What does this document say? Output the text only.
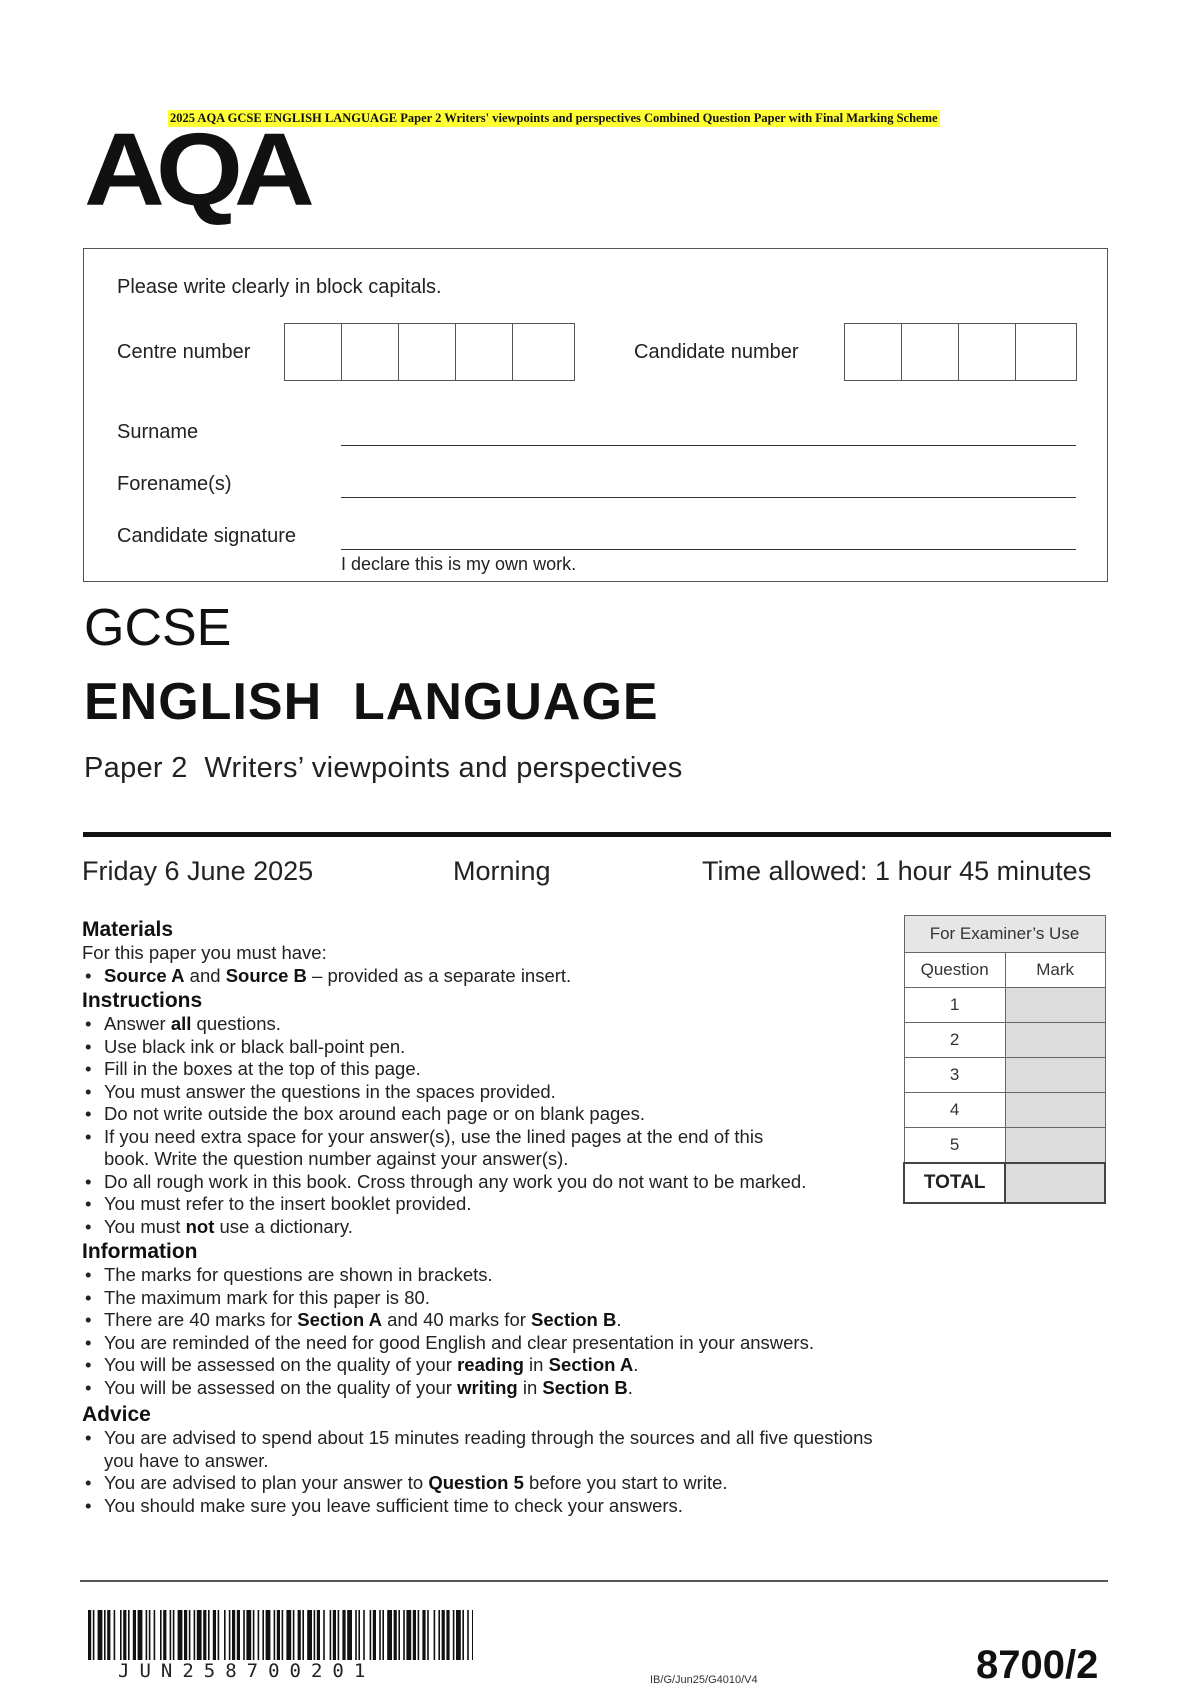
2025 AQA GCSE ENGLISH LANGUAGE Paper 2 Writers' viewpoints and perspectives Combined Question Paper with Final Marking Scheme
AQA
Please write clearly in block capitals.
Centre number	Candidate number
Surname
Forename(s)
Candidate signature
I declare this is my own work.
GCSE
ENGLISH  LANGUAGE
Paper 2  Writers’ viewpoints and perspectives
Friday 6 June 2025	Morning	Time allowed: 1 hour 45 minutes
Materials
For this paper you must have:
• Source A and Source B – provided as a separate insert.
Instructions
• Answer all questions.
• Use black ink or black ball-point pen.
• Fill in the boxes at the top of this page.
• You must answer the questions in the spaces provided.
• Do not write outside the box around each page or on blank pages.
• If you need extra space for your answer(s), use the lined pages at the end of this book. Write the question number against your answer(s).
• Do all rough work in this book. Cross through any work you do not want to be marked.
• You must refer to the insert booklet provided.
• You must not use a dictionary.
Information
• The marks for questions are shown in brackets.
• The maximum mark for this paper is 80.
• There are 40 marks for Section A and 40 marks for Section B.
• You are reminded of the need for good English and clear presentation in your answers.
• You will be assessed on the quality of your reading in Section A.
• You will be assessed on the quality of your writing in Section B.
Advice
• You are advised to spend about 15 minutes reading through the sources and all five questions you have to answer.
• You are advised to plan your answer to Question 5 before you start to write.
• You should make sure you leave sufficient time to check your answers.
For Examiner’s Use	
Question	Mark
1	
2	
3	
4	
5	
TOTAL	
JUN258700201	IB/G/Jun25/G4010/V4	8700/2
